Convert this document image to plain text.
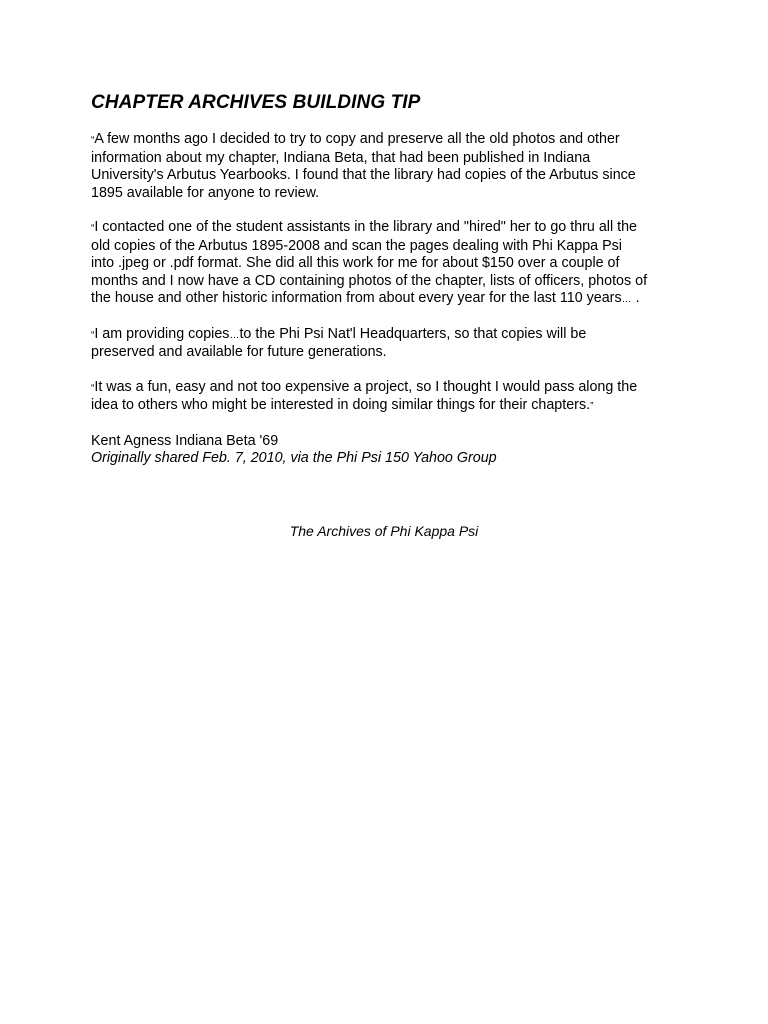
CHAPTER ARCHIVES BUILDING TIP

“A few months ago I decided to try to copy and preserve all the old photos and other
information about my chapter, Indiana Beta, that had been published in Indiana
University's Arbutus Yearbooks. I found that the library had copies of the Arbutus since
1895 available for anyone to review.

“I contacted one of the student assistants in the library and "hired" her to go thru all the
old copies of the Arbutus 1895-2008 and scan the pages dealing with Phi Kappa Psi
into .jpeg or .pdf format. She did all this work for me for about $150 over a couple of
months and I now have a CD containing photos of the chapter, lists of officers, photos of
the house and other historic information from about every year for the last 110 years… .

“I am providing copies…to the Phi Psi Nat'l Headquarters, so that copies will be
preserved and available for future generations.

“It was a fun, easy and not too expensive a project, so I thought I would pass along the
idea to others who might be interested in doing similar things for their chapters.”

Kent Agness Indiana Beta '69

Originally shared Feb. 7, 2010, via the Phi Psi 150 Yahoo Group

The Archives of Phi Kappa Psi
